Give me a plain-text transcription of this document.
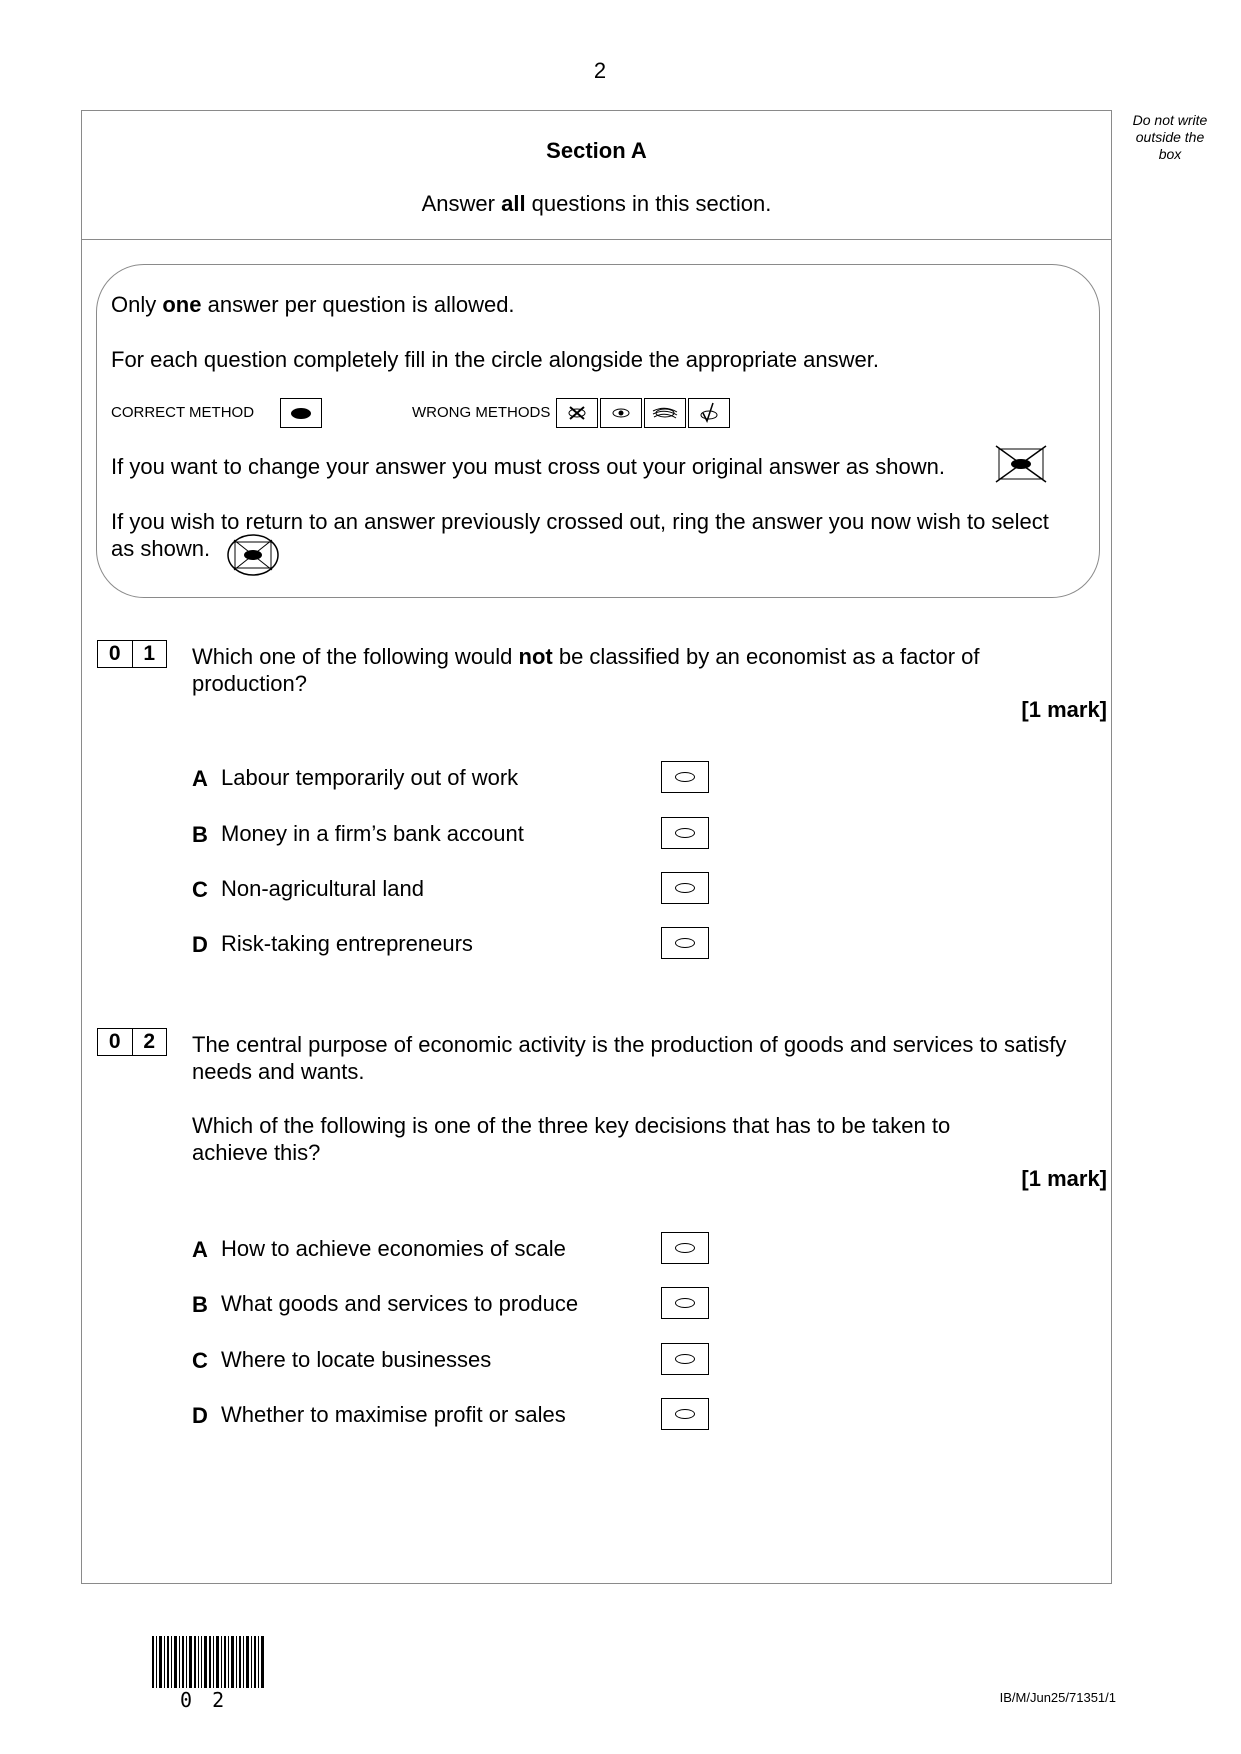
2
Do not write outside the box
Section A
Answer all questions in this section.
Only one answer per question is allowed.
For each question completely fill in the circle alongside the appropriate answer.
CORRECT METHOD	WRONG METHODS
If you want to change your answer you must cross out your original answer as shown.
If you wish to return to an answer previously crossed out, ring the answer you now wish to select
as shown.
0	1	Which one of the following would not be classified by an economist as a factor of
production?
[1 mark]
A Labour temporarily out of work
B Money in a firm’s bank account
C Non-agricultural land
D Risk-taking entrepreneurs
0	2	The central purpose of economic activity is the production of goods and services to satisfy
needs and wants.
Which of the following is one of the three key decisions that has to be taken to
achieve this?
[1 mark]
A How to achieve economies of scale
B What goods and services to produce
C Where to locate businesses
D Whether to maximise profit or sales
0 2	IB/M/Jun25/71351/1
